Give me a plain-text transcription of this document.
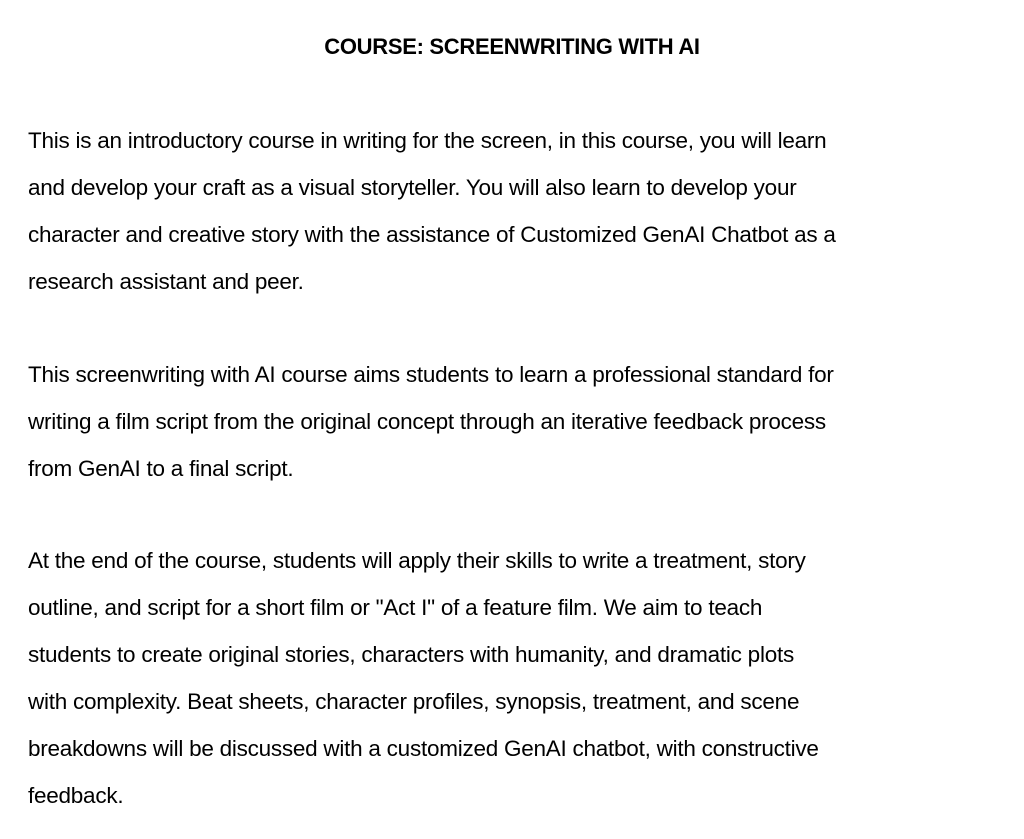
COURSE: SCREENWRITING WITH AI
This is an introductory course in writing for the screen, in this course, you will learn
and develop your craft as a visual storyteller. You will also learn to develop your
character and creative story with the assistance of Customized GenAI Chatbot as a
research assistant and peer.
This screenwriting with AI course aims students to learn a professional standard for
writing a film script from the original concept through an iterative feedback process
from GenAI to a final script.
At the end of the course, students will apply their skills to write a treatment, story
outline, and script for a short film or "Act I" of a feature film. We aim to teach
students to create original stories, characters with humanity, and dramatic plots
with complexity. Beat sheets, character profiles, synopsis, treatment, and scene
breakdowns will be discussed with a customized GenAI chatbot, with constructive
feedback.
